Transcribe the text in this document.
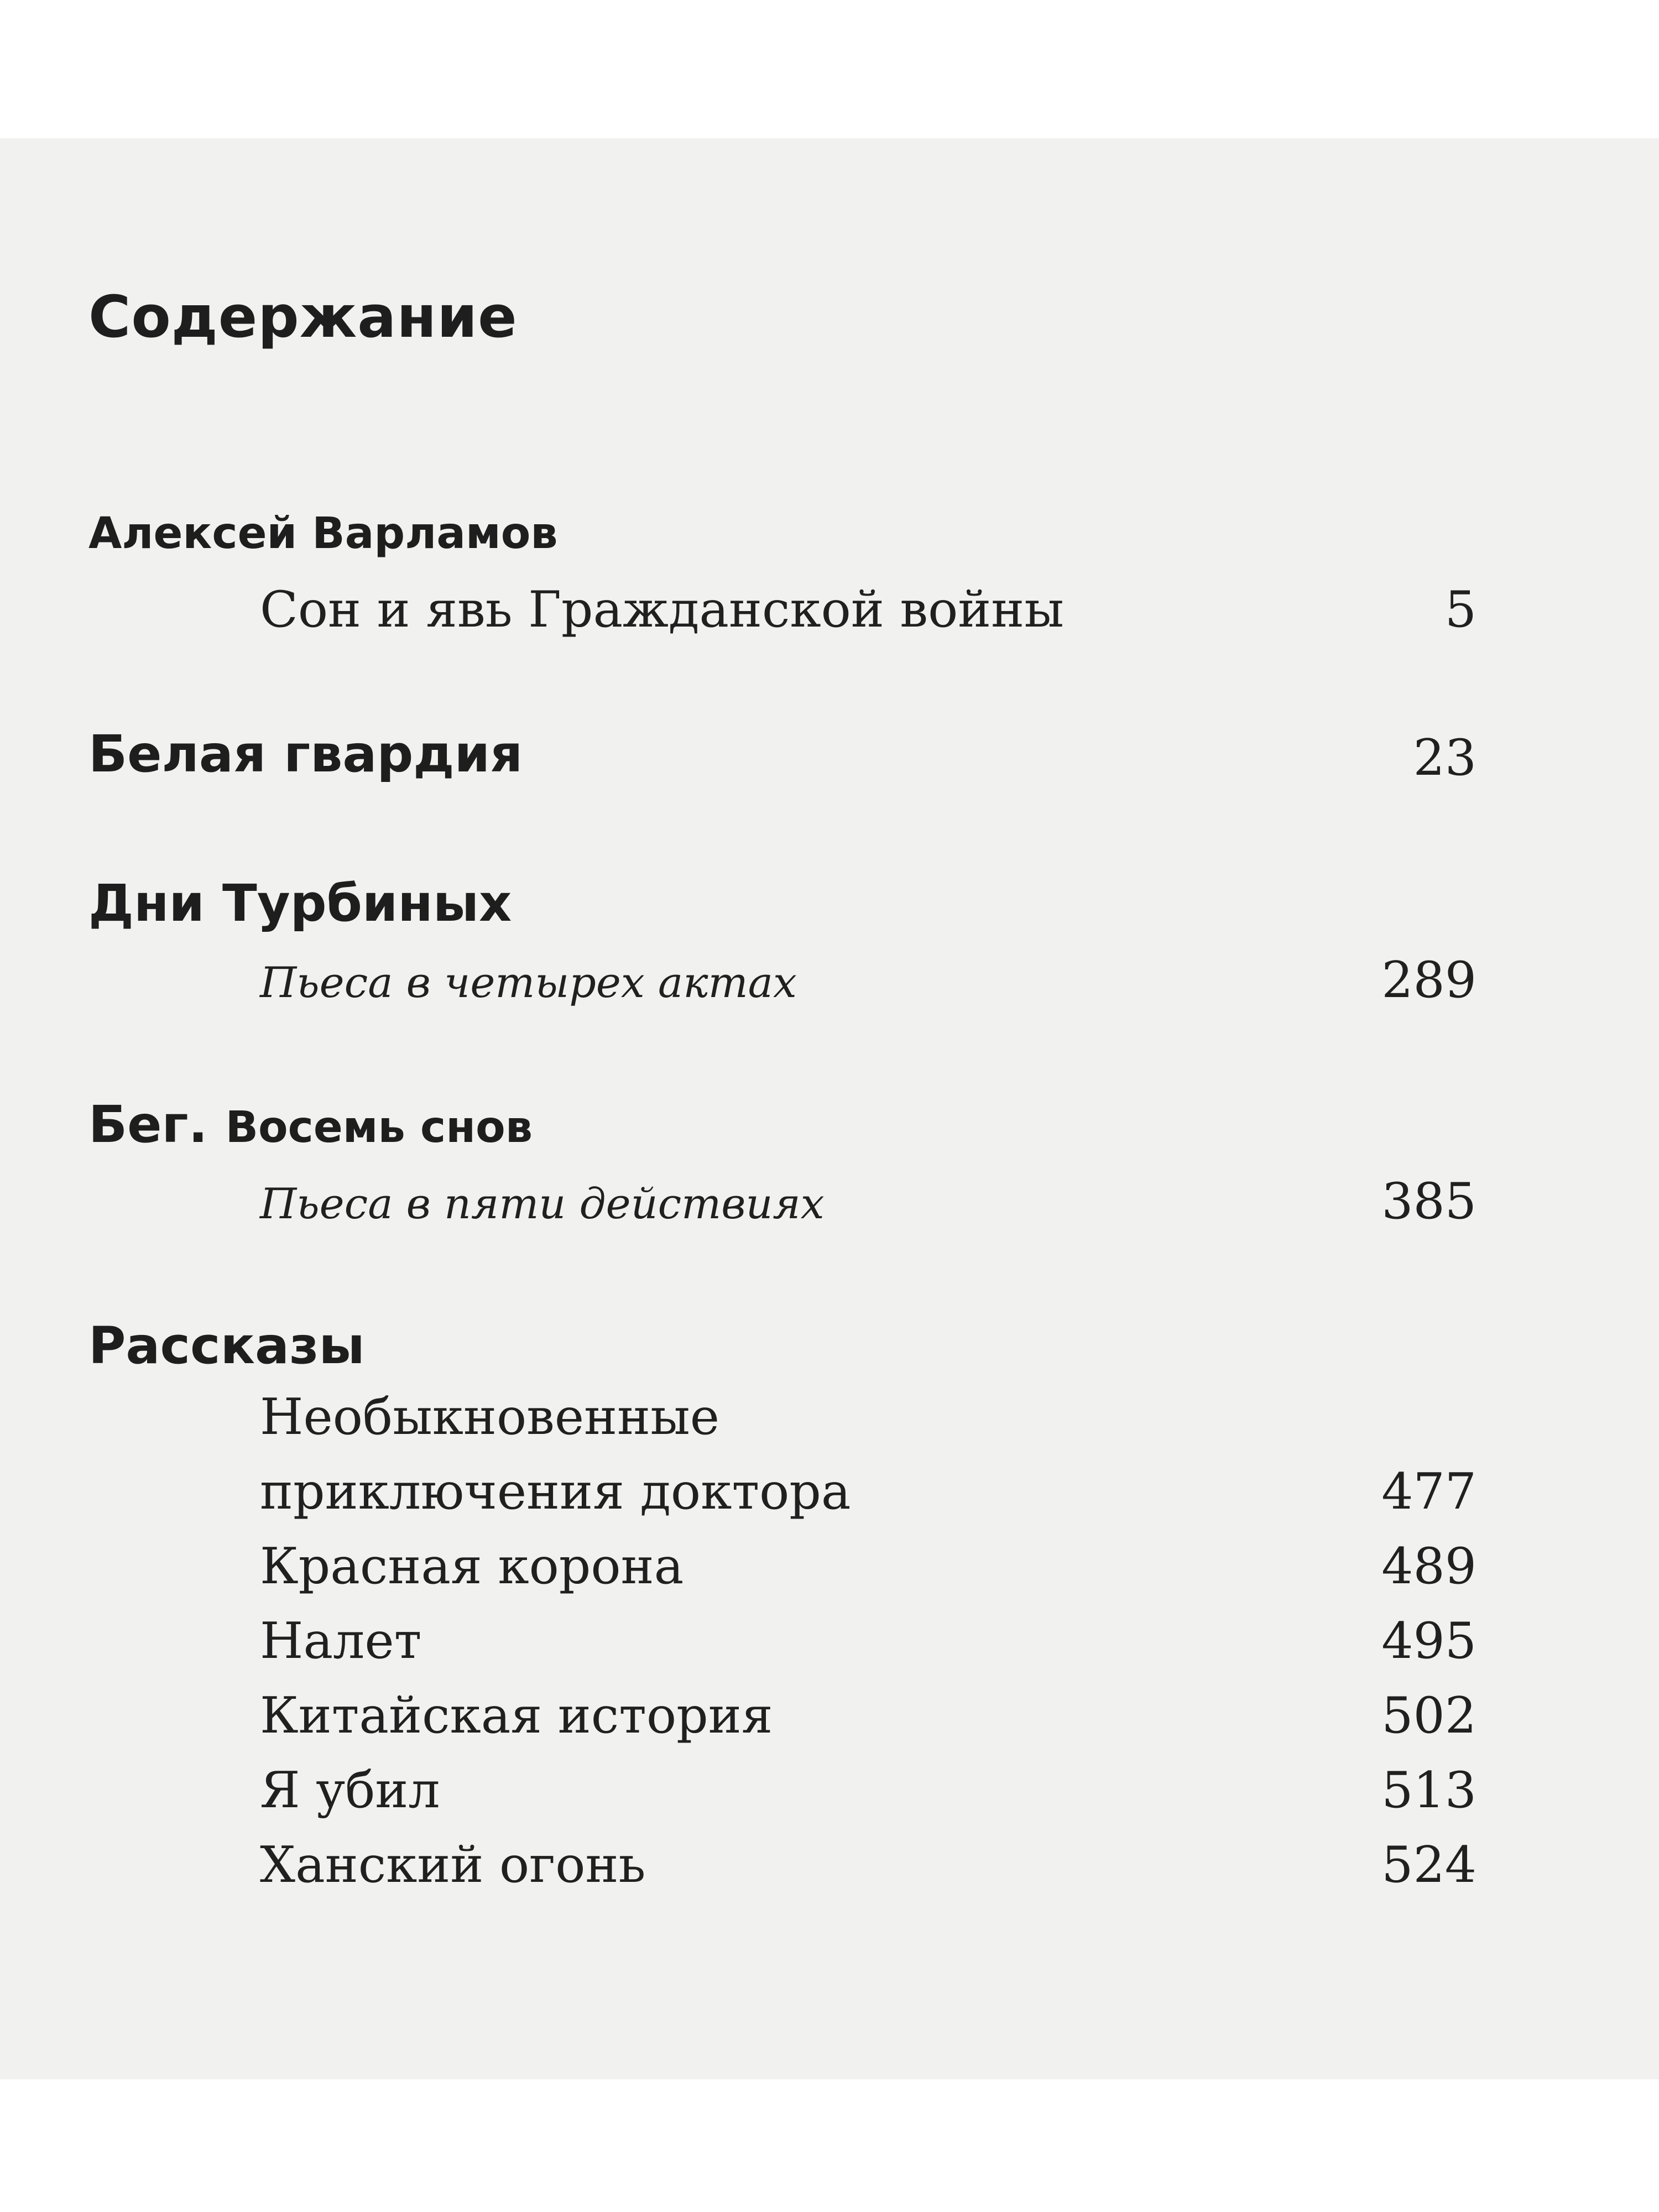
Содержание
Алексей Варламов
Сон и явь Гражданской войны	5
Белая гвардия	23
Дни Турбиных
Пьеса в четырех актах	289
Бег. Восемь снов
Пьеса в пяти действиях	385
Рассказы
Необыкновенные
приключения доктора	477
Красная корона	489
Налет	495
Китайская история	502
Я убил	513
Ханский огонь	524
